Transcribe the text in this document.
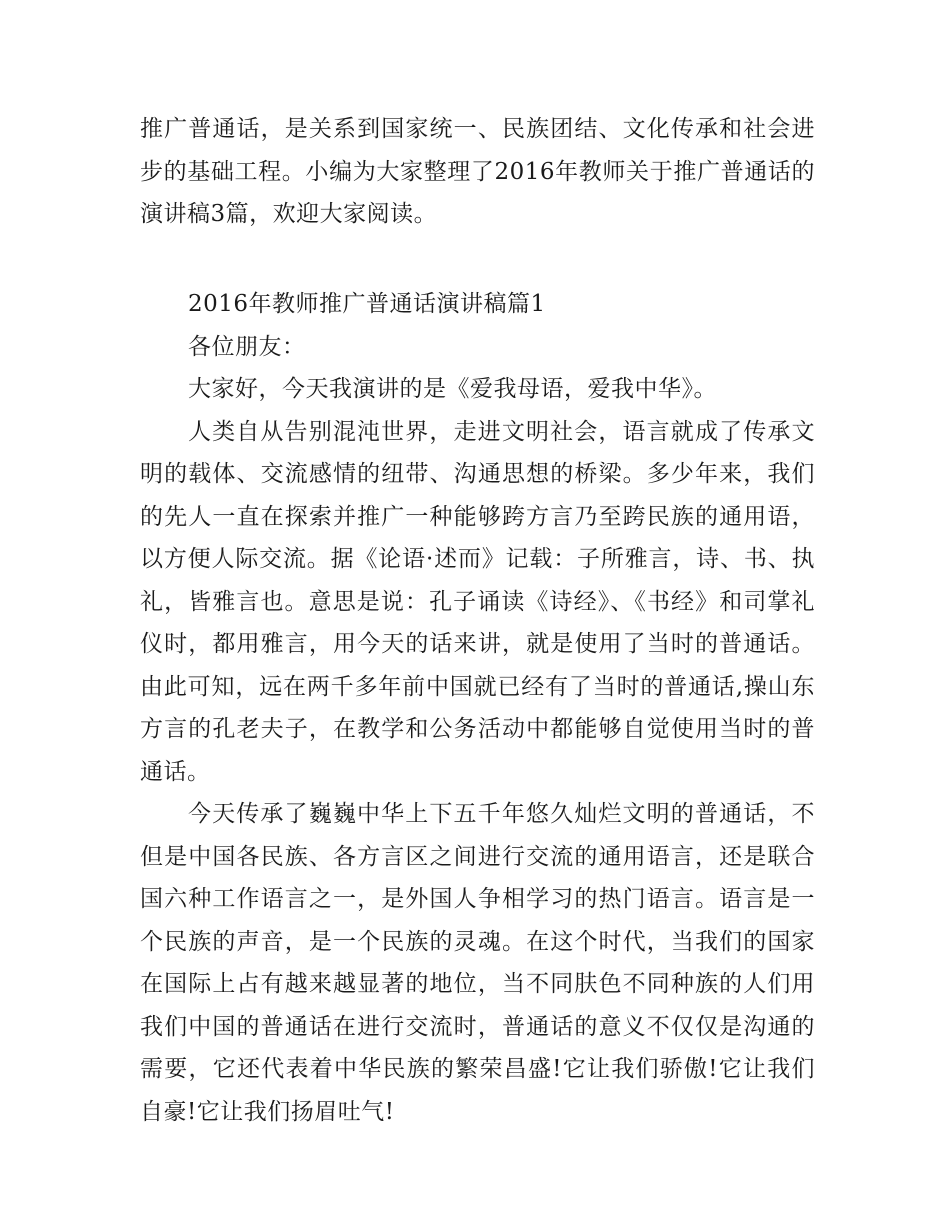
推广普通话，是关系到国家统一、民族团结、文化传承和社会进步的基础工程。小编为大家整理了2016年教师关于推广普通话的演讲稿3篇，欢迎大家阅读。

2016年教师推广普通话演讲稿篇1

各位朋友：

大家好，今天我演讲的是《爱我母语，爱我中华》。

人类自从告别混沌世界，走进文明社会，语言就成了传承文明的载体、交流感情的纽带、沟通思想的桥梁。多少年来，我们的先人一直在探索并推广一种能够跨方言乃至跨民族的通用语，以方便人际交流。据《论语·述而》记载：子所雅言，诗、书、执礼，皆雅言也。意思是说：孔子诵读《诗经》、《书经》和司掌礼仪时，都用雅言，用今天的话来讲，就是使用了当时的普通话。由此可知，远在两千多年前中国就已经有了当时的普通话,操山东方言的孔老夫子，在教学和公务活动中都能够自觉使用当时的普通话。

今天传承了巍巍中华上下五千年悠久灿烂文明的普通话，不但是中国各民族、各方言区之间进行交流的通用语言，还是联合国六种工作语言之一，是外国人争相学习的热门语言。语言是一个民族的声音，是一个民族的灵魂。在这个时代，当我们的国家在国际上占有越来越显著的地位，当不同肤色不同种族的人们用我们中国的普通话在进行交流时，普通话的意义不仅仅是沟通的需要，它还代表着中华民族的繁荣昌盛!它让我们骄傲!它让我们自豪!它让我们扬眉吐气!
